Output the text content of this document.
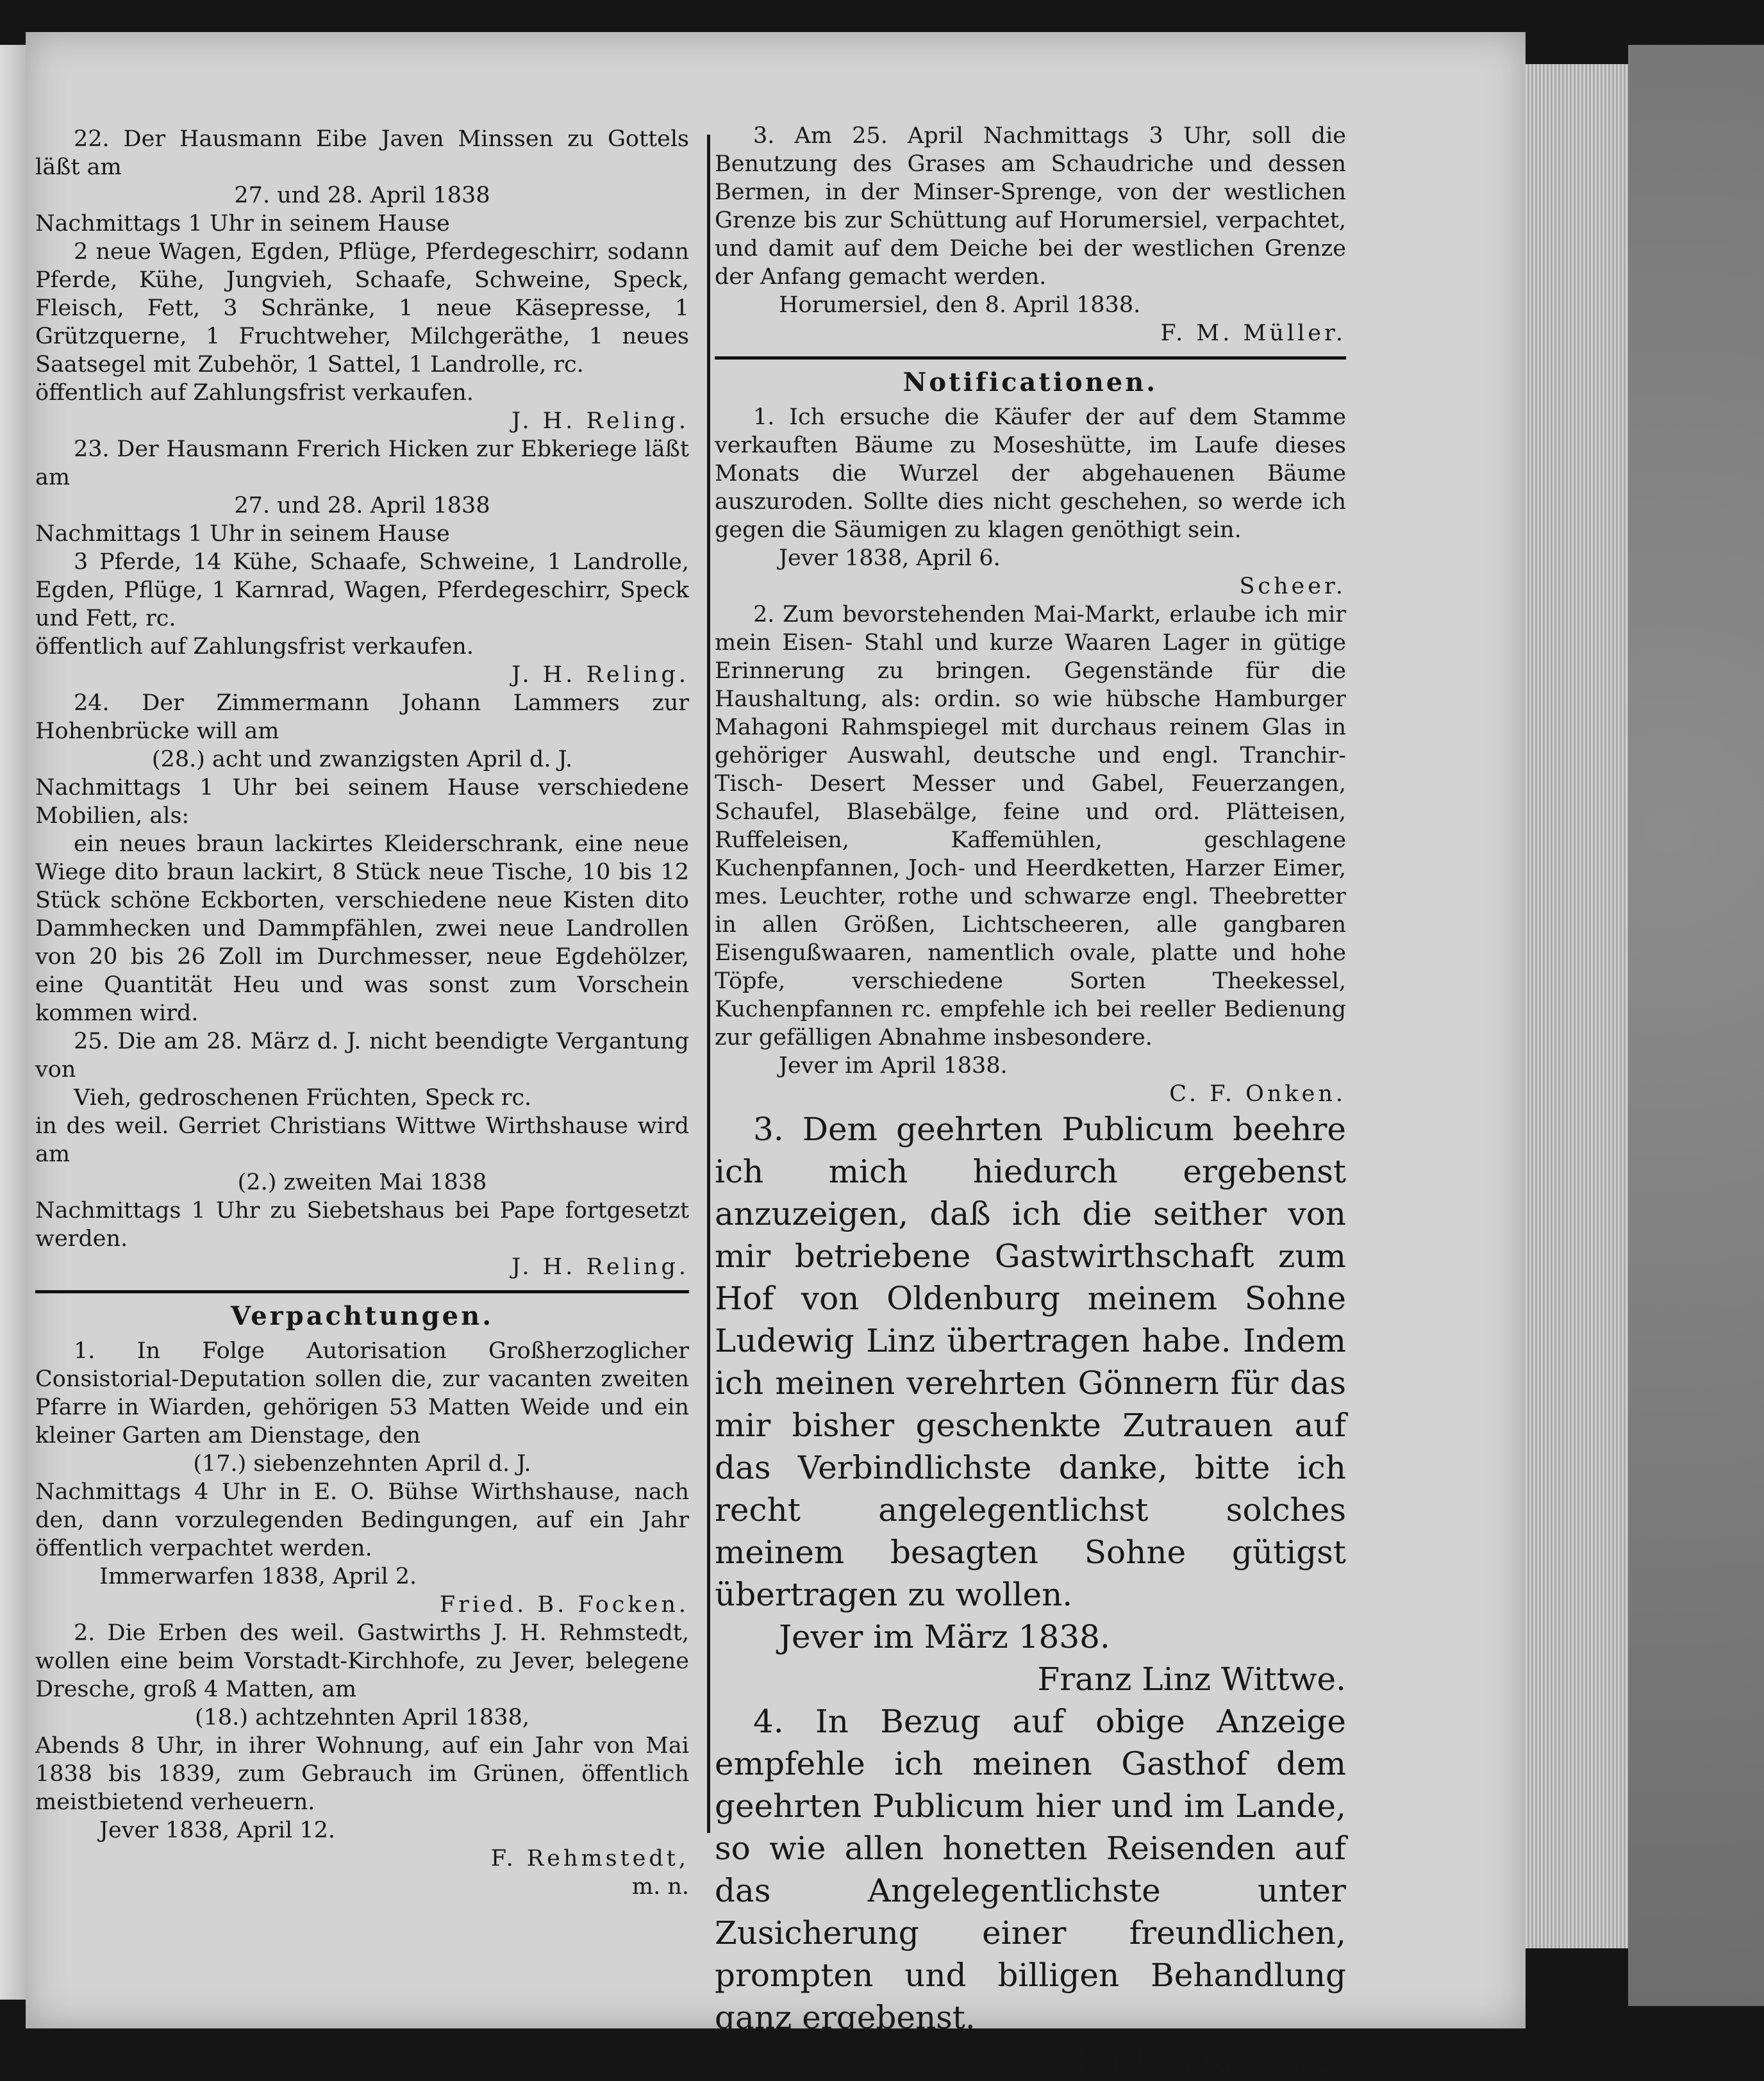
22. Der Hausmann Eibe Javen Minssen zu Gottels läßt am

27. und 28. April 1838

Nachmittags 1 Uhr in seinem Hause

2 neue Wagen, Egden, Pflüge, Pferdegeschirr, sodann Pferde, Kühe, Jungvieh, Schaafe, Schweine, Speck, Fleisch, Fett, 3 Schränke, 1 neue Käsepresse, 1 Grützquerne, 1 Fruchtweher, Milchgeräthe, 1 neues Saatsegel mit Zubehör, 1 Sattel, 1 Landrolle, rc.

öffentlich auf Zahlungsfrist verkaufen.

J. H. Reling.

23. Der Hausmann Frerich Hicken zur Ebkeriege läßt am

27. und 28. April 1838

Nachmittags 1 Uhr in seinem Hause

3 Pferde, 14 Kühe, Schaafe, Schweine, 1 Landrolle, Egden, Pflüge, 1 Karnrad, Wagen, Pferdegeschirr, Speck und Fett, rc.

öffentlich auf Zahlungsfrist verkaufen.

J. H. Reling.

24. Der Zimmermann Johann Lammers zur Hohenbrücke will am

(28.) acht und zwanzigsten April d. J.

Nachmittags 1 Uhr bei seinem Hause verschiedene Mobilien, als:

ein neues braun lackirtes Kleiderschrank, eine neue Wiege dito braun lackirt, 8 Stück neue Tische, 10 bis 12 Stück schöne Eckborten, verschiedene neue Kisten dito Dammhecken und Dammpfählen, zwei neue Landrollen von 20 bis 26 Zoll im Durchmesser, neue Egdehölzer, eine Quantität Heu und was sonst zum Vorschein kommen wird.

25. Die am 28. März d. J. nicht beendigte Vergantung von

Vieh, gedroschenen Früchten, Speck rc.

in des weil. Gerriet Christians Wittwe Wirthshause wird am

(2.) zweiten Mai 1838

Nachmittags 1 Uhr zu Siebetshaus bei Pape fortgesetzt werden.

J. H. Reling.

Verpachtungen.

1. In Folge Autorisation Großherzoglicher Consistorial-Deputation sollen die, zur vacanten zweiten Pfarre in Wiarden, gehörigen 53 Matten Weide und ein kleiner Garten am Dienstage, den

(17.) siebenzehnten April d. J.

Nachmittags 4 Uhr in E. O. Bühse Wirthshause, nach den, dann vorzulegenden Bedingungen, auf ein Jahr öffentlich verpachtet werden.

Immerwarfen 1838, April 2.

Fried. B. Focken.

2. Die Erben des weil. Gastwirths J. H. Rehmstedt, wollen eine beim Vorstadt-Kirchhofe, zu Jever, belegene Dresche, groß 4 Matten, am

(18.) achtzehnten April 1838,

Abends 8 Uhr, in ihrer Wohnung, auf ein Jahr von Mai 1838 bis 1839, zum Gebrauch im Grünen, öffentlich meistbietend verheuern.

Jever 1838, April 12.

F. Rehmstedt,

m. n.

3. Am 25. April Nachmittags 3 Uhr, soll die Benutzung des Grases am Schaudriche und dessen Bermen, in der Minser-Sprenge, von der westlichen Grenze bis zur Schüttung auf Horumersiel, verpachtet, und damit auf dem Deiche bei der westlichen Grenze der Anfang gemacht werden.

Horumersiel, den 8. April 1838.

F. M. Müller.

Notificationen.

1. Ich ersuche die Käufer der auf dem Stamme verkauften Bäume zu Moseshütte, im Laufe dieses Monats die Wurzel der abgehauenen Bäume auszuroden. Sollte dies nicht geschehen, so werde ich gegen die Säumigen zu klagen genöthigt sein.

Jever 1838, April 6.

Scheer.

2. Zum bevorstehenden Mai-Markt, erlaube ich mir mein Eisen- Stahl und kurze Waaren Lager in gütige Erinnerung zu bringen. Gegenstände für die Haushaltung, als: ordin. so wie hübsche Hamburger Mahagoni Rahmspiegel mit durchaus reinem Glas in gehöriger Auswahl, deutsche und engl. Tranchir- Tisch- Desert Messer und Gabel, Feuerzangen, Schaufel, Blasebälge, feine und ord. Plätteisen, Ruffeleisen, Kaffemühlen, geschlagene Kuchenpfannen, Joch- und Heerdketten, Harzer Eimer, mes. Leuchter, rothe und schwarze engl. Theebretter in allen Größen, Lichtscheeren, alle gangbaren Eisengußwaaren, namentlich ovale, platte und hohe Töpfe, verschiedene Sorten Theekessel, Kuchenpfannen rc. empfehle ich bei reeller Bedienung zur gefälligen Abnahme insbesondere.

Jever im April 1838.

C. F. Onken.

3. Dem geehrten Publicum beehre ich mich hiedurch ergebenst anzuzeigen, daß ich die seither von mir betriebene Gastwirthschaft zum Hof von Oldenburg meinem Sohne Ludewig Linz übertragen habe. Indem ich meinen verehrten Gönnern für das mir bisher geschenkte Zutrauen auf das Verbindlichste danke, bitte ich recht angelegentlichst solches meinem besagten Sohne gütigst übertragen zu wollen.

Jever im März 1838.

Franz Linz Wittwe.

4. In Bezug auf obige Anzeige empfehle ich meinen Gasthof dem geehrten Publicum hier und im Lande, so wie allen honetten Reisenden auf das Angelegentlichste unter Zusicherung einer freundlichen, prompten und billigen Behandlung ganz ergebenst.

Ludewig Linz.
